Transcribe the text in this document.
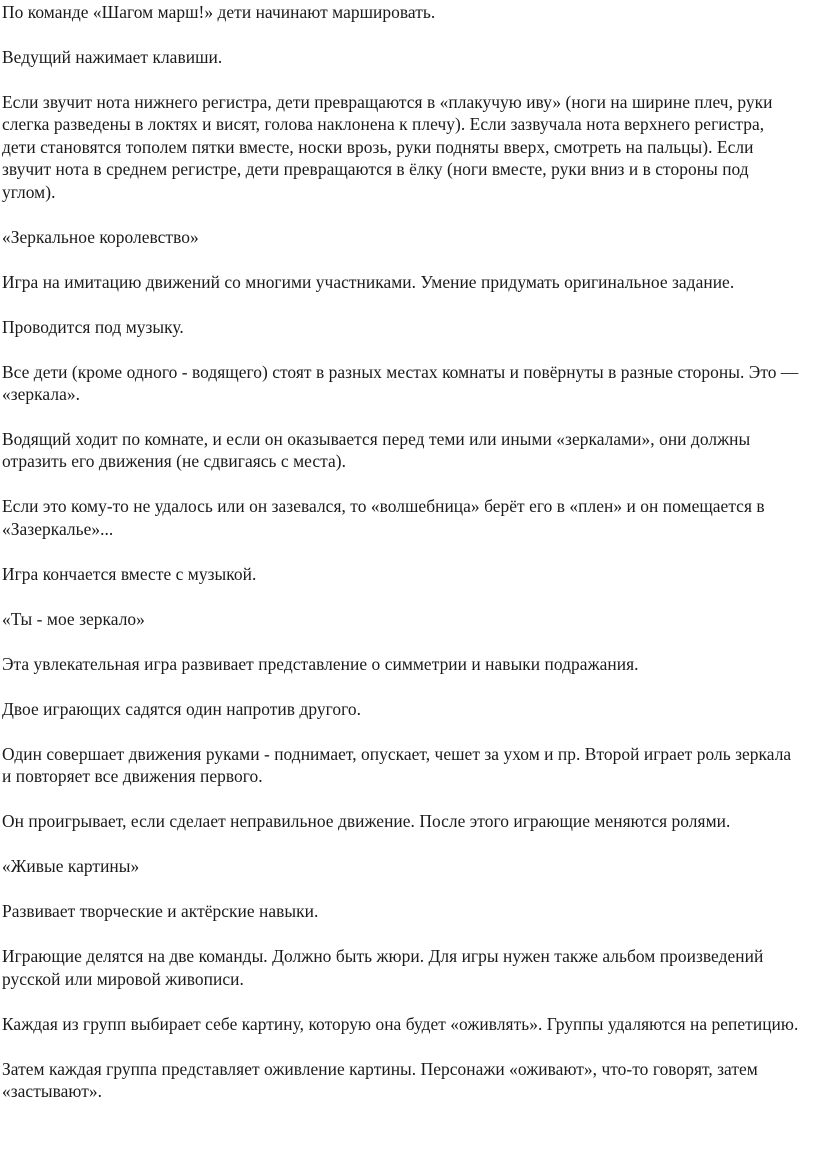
По команде «Шагом марш!» дети начинают маршировать.

Ведущий нажимает клавиши.

Если звучит нота нижнего регистра, дети превращаются в «плакучую иву» (ноги на ширине плеч, руки слегка разведены в локтях и висят, голова наклонена к плечу). Если зазвучала нота верхнего регистра, дети становятся тополем пятки вместе, носки врозь, руки подняты вверх, смотреть на пальцы). Если звучит нота в среднем регистре, дети превращаются в ёлку (ноги вместе, руки вниз и в стороны под углом).

«Зеркальное королевство»

Игра на имитацию движений со многими участниками. Умение придумать оригинальное задание.

Проводится под музыку.

Все дети (кроме одного - водящего) стоят в разных местах комнаты и повёрнуты в разные стороны. Это — «зеркала».

Водящий ходит по комнате, и если он оказывается перед теми или иными «зеркалами», они должны отразить его движения (не сдвигаясь с места).

Если это кому-то не удалось или он зазевался, то «волшебница» берёт его в «плен» и он помещается в «Зазеркалье»...

Игра кончается вместе с музыкой.

«Ты - мое зеркало»

Эта увлекательная игра развивает представление о симметрии и навыки подражания.

Двое играющих садятся один напротив другого.

Один совершает движения руками - поднимает, опускает, чешет за ухом и пр. Второй играет роль зеркала и повторяет все движения первого.

Он проигрывает, если сделает неправильное движение. После этого играющие меняются ролями.

«Живые картины»

Развивает творческие и актёрские навыки.

Играющие делятся на две команды. Должно быть жюри. Для игры нужен также альбом произведений русской или мировой живописи.

Каждая из групп выбирает себе картину, которую она будет «оживлять». Группы удаляются на репетицию.

Затем каждая группа представляет оживление картины. Персонажи «оживают», что-то говорят, затем «застывают».
